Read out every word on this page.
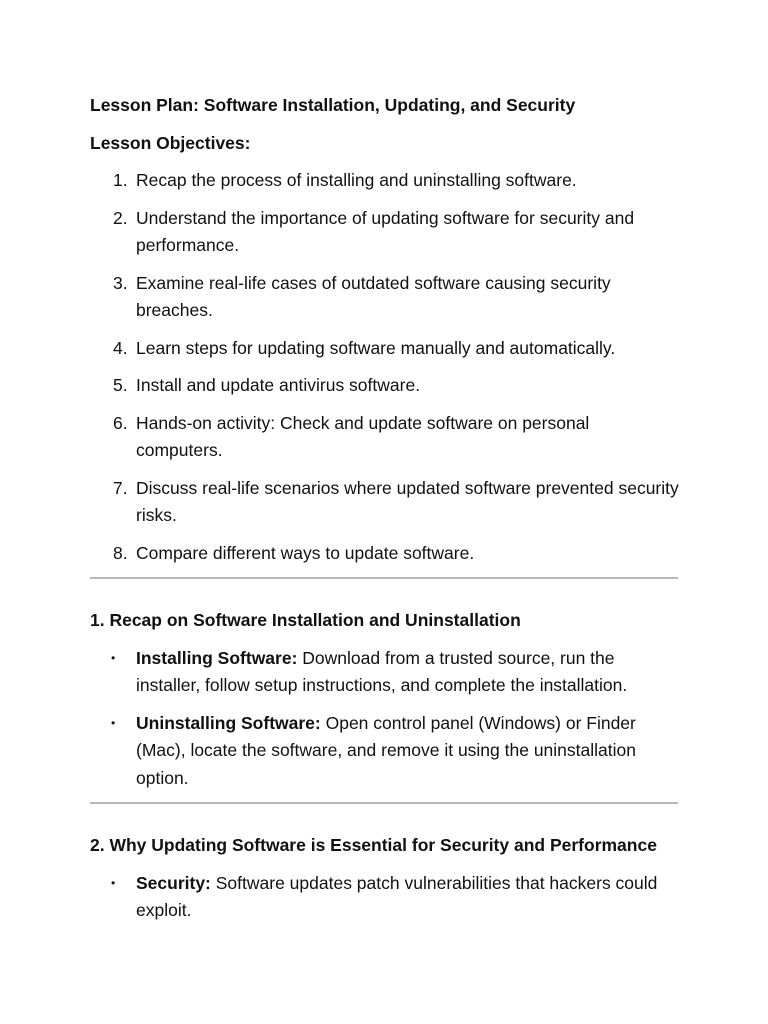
Lesson Plan: Software Installation, Updating, and Security
Lesson Objectives:
1. Recap the process of installing and uninstalling software.
2. Understand the importance of updating software for security and performance.
3. Examine real-life cases of outdated software causing security breaches.
4. Learn steps for updating software manually and automatically.
5. Install and update antivirus software.
6. Hands-on activity: Check and update software on personal computers.
7. Discuss real-life scenarios where updated software prevented security risks.
8. Compare different ways to update software.
1. Recap on Software Installation and Uninstallation
• Installing Software: Download from a trusted source, run the installer, follow setup instructions, and complete the installation.
• Uninstalling Software: Open control panel (Windows) or Finder (Mac), locate the software, and remove it using the uninstallation option.
2. Why Updating Software is Essential for Security and Performance
• Security: Software updates patch vulnerabilities that hackers could exploit.
